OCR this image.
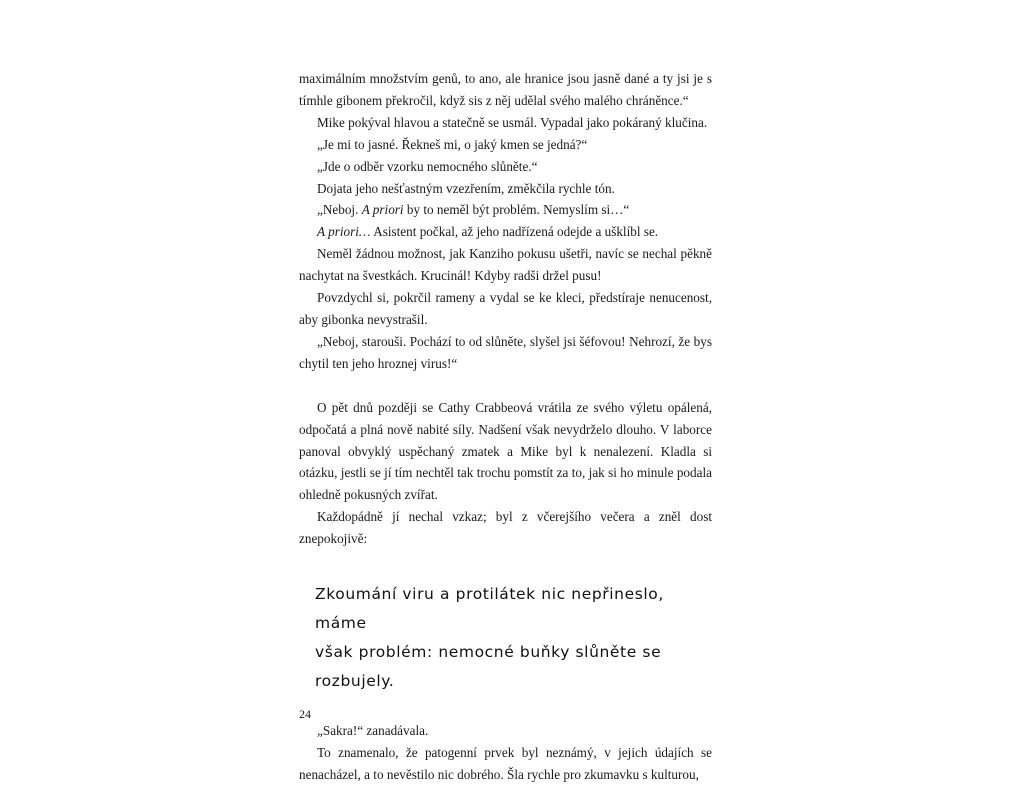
maximálním množstvím genů, to ano, ale hranice jsou jasně dané a ty jsi je s tímhle gibonem překročil, když sis z něj udělal svého malého chráněnce.“

Mike pokýval hlavou a statečně se usmál. Vypadal jako pokáraný klučina.

„Je mi to jasné. Řekneš mi, o jaký kmen se jedná?“

„Jde o odběr vzorku nemocného slůněte.“

Dojata jeho nešťastným vzezřením, změkčila rychle tón.

„Neboj. A priori by to neměl být problém. Nemyslím si…“

A priori… Asistent počkal, až jeho nadřízená odejde a ušklíbl se.

Neměl žádnou možnost, jak Kanziho pokusu ušetři, navíc se nechal pěkně nachytat na švestkách. Krucinál! Kdyby radši držel pusu!

Povzdychl si, pokrčil rameny a vydal se ke kleci, předstíraje nenucenost, aby gibonka nevystrašil.

„Neboj, starouši. Pochází to od slůněte, slyšel jsi šéfovou! Nehrozí, že bys chytil ten jeho hroznej virus!“

O pět dnů později se Cathy Crabbeová vrátila ze svého výletu opálená, odpočatá a plná nově nabité síly. Nadšení však nevydrželo dlouho. V laborce panoval obvyklý uspěchaný zmatek a Mike byl k nenalezení. Kladla si otázku, jestli se jí tím nechtěl tak trochu pomstít za to, jak si ho minule podala ohledně pokusných zvířat.

Každopádně jí nechal vzkaz; byl z včerejšího večera a zněl dost znepokojivě:

Zkoumání viru a protilátek nic nepřineslo, máme
však problém: nemocné buňky slůněte se rozbujely.

„Sakra!“ zanadávala.

To znamenalo, že patogenní prvek byl neznámý, v jejich údajích se nenacházel, a to nevěstilo nic dobrého. Šla rychle pro zkumavku s kulturou,

24
